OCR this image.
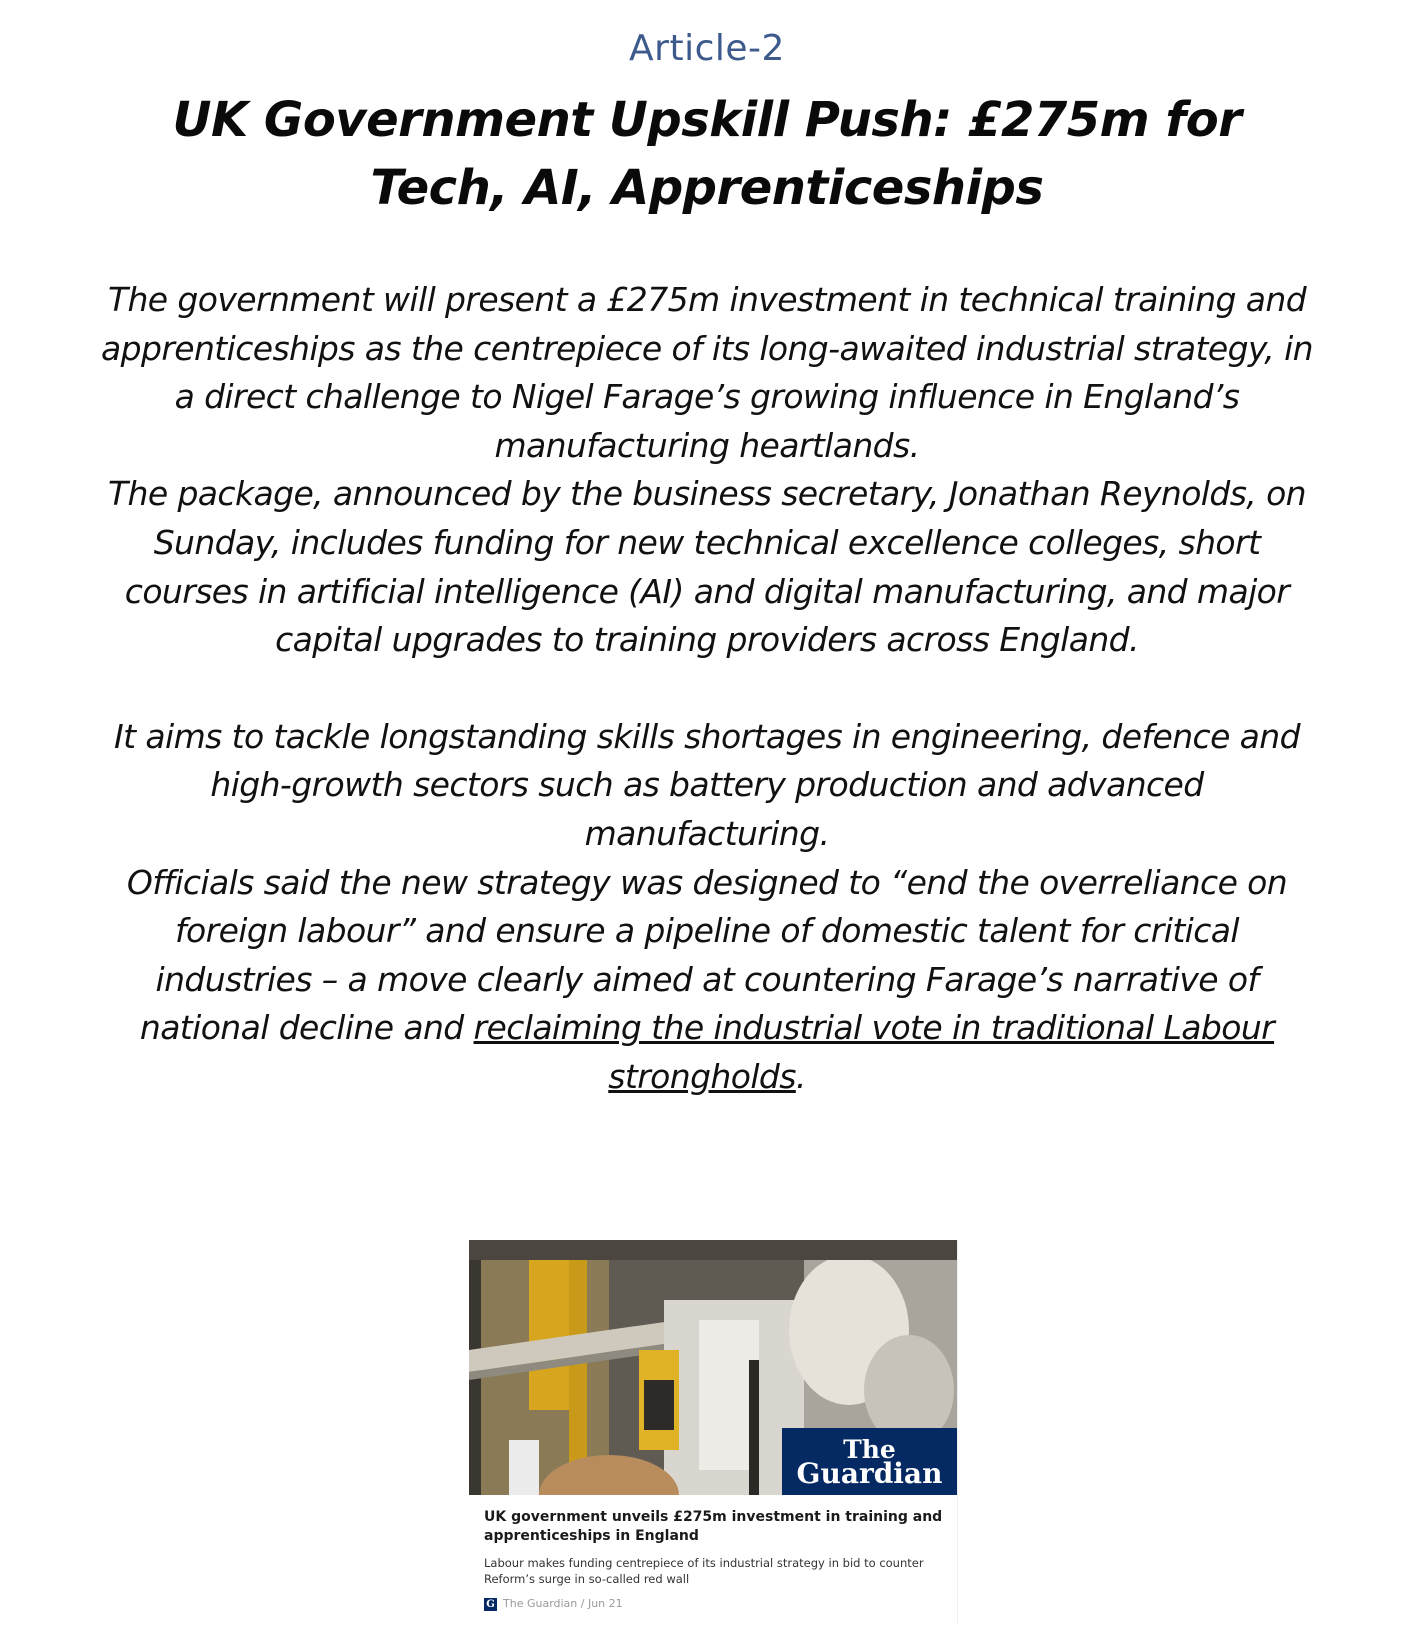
Article-2
UK Government Upskill Push: £275m for Tech, AI, Apprenticeships

The government will present a £275m investment in technical training and apprenticeships as the centrepiece of its long-awaited industrial strategy, in a direct challenge to Nigel Farage’s growing influence in England’s manufacturing heartlands.

The package, announced by the business secretary, Jonathan Reynolds, on Sunday, includes funding for new technical excellence colleges, short courses in artificial intelligence (AI) and digital manufacturing, and major capital upgrades to training providers across England.

It aims to tackle longstanding skills shortages in engineering, defence and high-growth sectors such as battery production and advanced manufacturing.

Officials said the new strategy was designed to “end the overreliance on foreign labour” and ensure a pipeline of domestic talent for critical industries – a move clearly aimed at countering Farage’s narrative of national decline and reclaiming the industrial vote in traditional Labour strongholds.

The
Guardian
UK government unveils £275m investment in training and apprenticeships in England
Labour makes funding centrepiece of its industrial strategy in bid to counter Reform’s surge in so-called red wall
G The Guardian / Jun 21
